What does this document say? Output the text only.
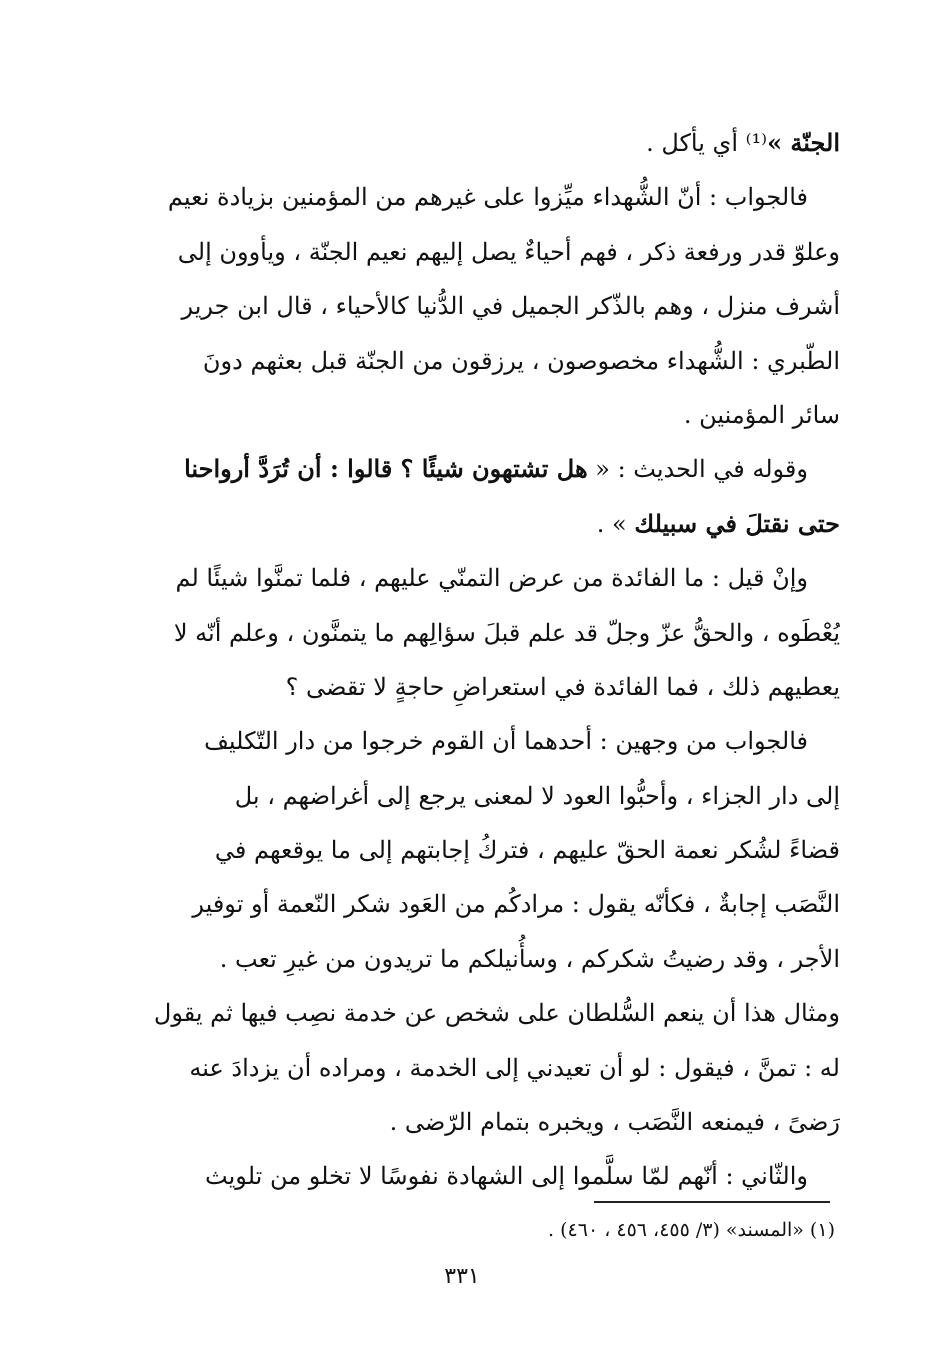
الجنّة »⁽¹⁾ أي يأكل .
فالجواب : أنّ الشُّهداء ميِّزوا على غيرهم من المؤمنين بزيادة نعيم
وعلوّ قدر ورفعة ذكر ، فهم أحياءٌ يصل إليهم نعيم الجنّة ، ويأوون إلى
أشرف منزل ، وهم بالذّكر الجميل في الدُّنيا كالأحياء ، قال ابن جرير
الطّبري : الشُّهداء مخصوصون ، يرزقون من الجنّة قبل بعثهم دونَ
سائر المؤمنين .
وقوله في الحديث : « هل تشتهون شيئًا ؟ قالوا : أن تُرَدَّ أرواحنا
حتى نقتلَ في سبيلك » .
وإنْ قيل : ما الفائدة من عرض التمنّي عليهم ، فلما تمنَّوا شيئًا لم
يُعْطَوه ، والحقُّ عزّ وجلّ قد علم قبلَ سؤالِهم ما يتمنَّون ، وعلم أنّه لا
يعطيهم ذلك ، فما الفائدة في استعراضِ حاجةٍ لا تقضى ؟
فالجواب من وجهين : أحدهما أن القوم خرجوا من دار التّكليف
إلى دار الجزاء ، وأحبُّوا العود لا لمعنى يرجع إلى أغراضهم ، بل
قضاءً لشُكر نعمة الحقّ عليهم ، فتركُ إجابتهم إلى ما يوقعهم في
النَّصَب إجابةٌ ، فكأنّه يقول : مرادكُم من العَود شكر النّعمة أو توفير
الأجر ، وقد رضيتُ شكركم ، وسأُنيلكم ما تريدون من غيرِ تعب .
ومثال هذا أن ينعم السُّلطان على شخص عن خدمة نصِب فيها ثم يقول
له : تمنَّ ، فيقول : لو أن تعيدني إلى الخدمة ، ومراده أن يزدادَ عنه
رَضىً ، فيمنعه النَّصَب ، ويخبره بتمام الرّضى .
والثّاني : أنّهم لمّا سلَّموا إلى الشهادة نفوسًا لا تخلو من تلويث
(١) «المسند» (٣/ ٤٥٥، ٤٥٦ ، ٤٦٠) .
٣٣١
